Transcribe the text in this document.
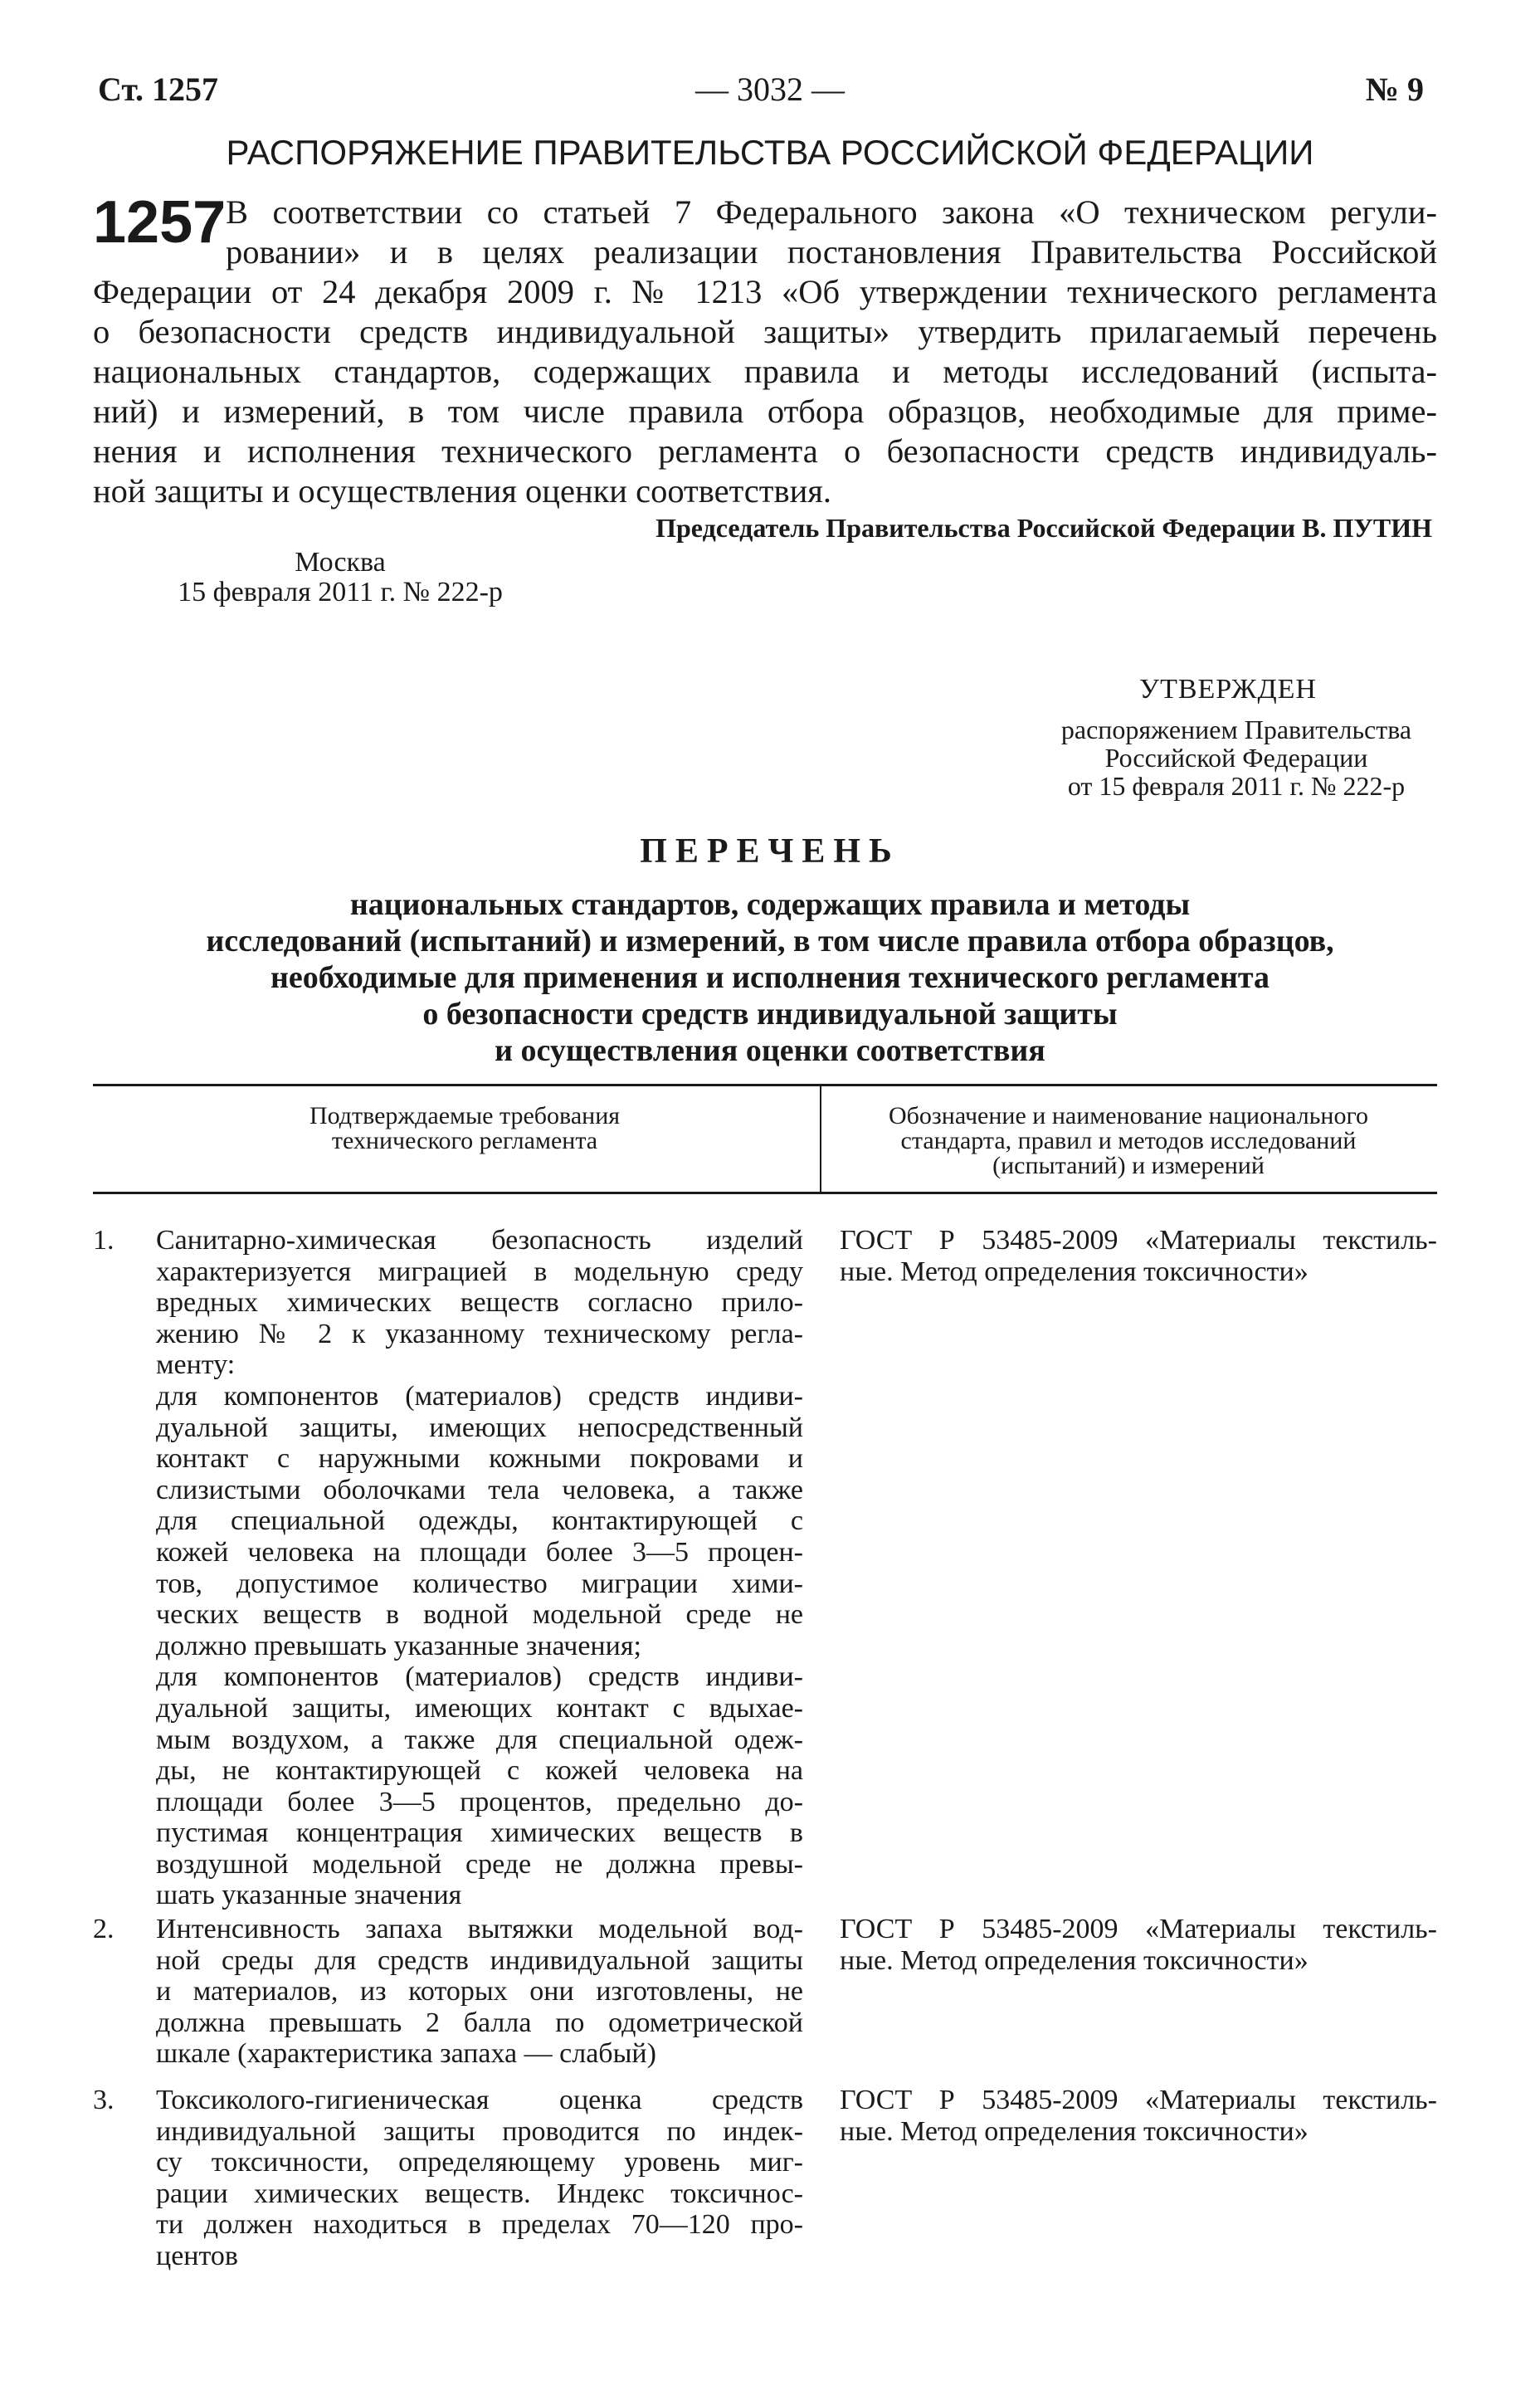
Ст. 1257	— 3032 —	№ 9
РАСПОРЯЖЕНИЕ ПРАВИТЕЛЬСТВА РОССИЙСКОЙ ФЕДЕРАЦИИ
1257 В соответствии со статьей 7 Федерального закона «О техническом регули-
ровании» и в целях реализации постановления Правительства Российской
Федерации от 24 декабря 2009 г. № 1213 «Об утверждении технического регламента
о безопасности средств индивидуальной защиты» утвердить прилагаемый перечень
национальных стандартов, содержащих правила и методы исследований (испыта-
ний) и измерений, в том числе правила отбора образцов, необходимые для приме-
нения и исполнения технического регламента о безопасности средств индивидуаль-
ной защиты и осуществления оценки соответствия.
Председатель Правительства Российской Федерации В. ПУТИН
Москва
15 февраля 2011 г. № 222-р
УТВЕРЖДЕН
распоряжением Правительства
Российской Федерации
от 15 февраля 2011 г. № 222-р
ПЕРЕЧЕНЬ
национальных стандартов, содержащих правила и методы
исследований (испытаний) и измерений, в том числе правила отбора образцов,
необходимые для применения и исполнения технического регламента
о безопасности средств индивидуальной защиты
и осуществления оценки соответствия
Подтверждаемые требования
технического регламента
Обозначение и наименование национального
стандарта, правил и методов исследований
(испытаний) и измерений
1. Санитарно-химическая безопасность изделий
характеризуется миграцией в модельную среду
вредных химических веществ согласно прило-
жению № 2 к указанному техническому регла-
менту:
для компонентов (материалов) средств индиви-
дуальной защиты, имеющих непосредственный
контакт с наружными кожными покровами и
слизистыми оболочками тела человека, а также
для специальной одежды, контактирующей с
кожей человека на площади более 3—5 процен-
тов, допустимое количество миграции хими-
ческих веществ в водной модельной среде не
должно превышать указанные значения;
для компонентов (материалов) средств индиви-
дуальной защиты, имеющих контакт с вдыхае-
мым воздухом, а также для специальной одеж-
ды, не контактирующей с кожей человека на
площади более 3—5 процентов, предельно до-
пустимая концентрация химических веществ в
воздушной модельной среде не должна превы-
шать указанные значения
ГОСТ Р 53485-2009 «Материалы текстиль-
ные. Метод определения токсичности»
2. Интенсивность запаха вытяжки модельной вод-
ной среды для средств индивидуальной защиты
и материалов, из которых они изготовлены, не
должна превышать 2 балла по одометрической
шкале (характеристика запаха — слабый)
ГОСТ Р 53485-2009 «Материалы текстиль-
ные. Метод определения токсичности»
3. Токсиколого-гигиеническая оценка средств
индивидуальной защиты проводится по индек-
су токсичности, определяющему уровень миг-
рации химических веществ. Индекс токсичнос-
ти должен находиться в пределах 70—120 про-
центов
ГОСТ Р 53485-2009 «Материалы текстиль-
ные. Метод определения токсичности»
